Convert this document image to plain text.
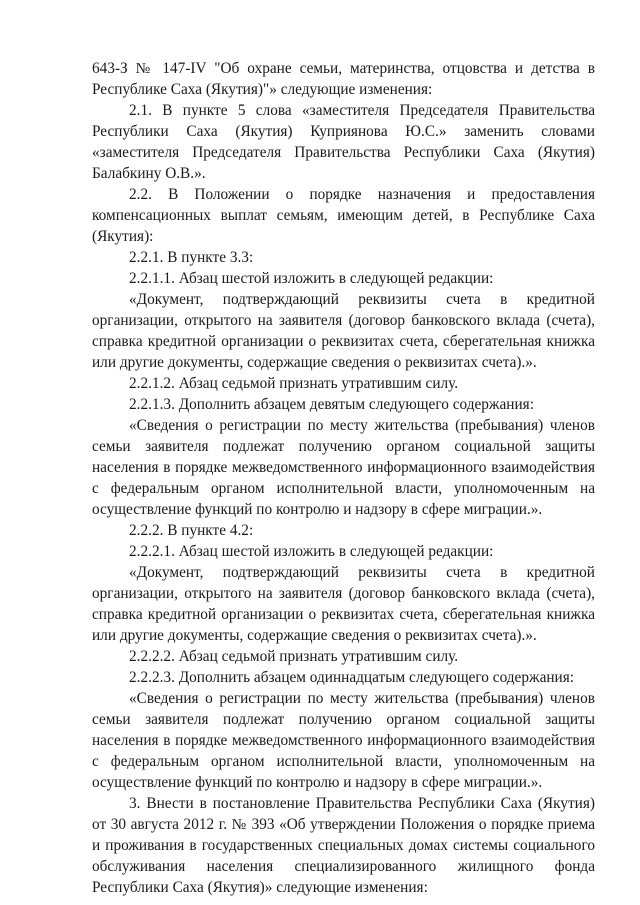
643-З № 147-IV "Об охране семьи, материнства, отцовства и детства в Республике Саха (Якутия)"» следующие изменения:

2.1. В пункте 5 слова «заместителя Председателя Правительства Республики Саха (Якутия) Куприянова Ю.С.» заменить словами «заместителя Председателя Правительства Республики Саха (Якутия) Балабкину О.В.».

2.2. В Положении о порядке назначения и предоставления компенсационных выплат семьям, имеющим детей, в Республике Саха (Якутия):

2.2.1. В пункте 3.3:

2.2.1.1. Абзац шестой изложить в следующей редакции:

«Документ, подтверждающий реквизиты счета в кредитной организации, открытого на заявителя (договор банковского вклада (счета), справка кредитной организации о реквизитах счета, сберегательная книжка или другие документы, содержащие сведения о реквизитах счета).».

2.2.1.2. Абзац седьмой признать утратившим силу.

2.2.1.3. Дополнить абзацем девятым следующего содержания:

«Сведения о регистрации по месту жительства (пребывания) членов семьи заявителя подлежат получению органом социальной защиты населения в порядке межведомственного информационного взаимодействия с федеральным органом исполнительной власти, уполномоченным на осуществление функций по контролю и надзору в сфере миграции.».

2.2.2. В пункте 4.2:

2.2.2.1. Абзац шестой изложить в следующей редакции:

«Документ, подтверждающий реквизиты счета в кредитной организации, открытого на заявителя (договор банковского вклада (счета), справка кредитной организации о реквизитах счета, сберегательная книжка или другие документы, содержащие сведения о реквизитах счета).».

2.2.2.2. Абзац седьмой признать утратившим силу.

2.2.2.3. Дополнить абзацем одиннадцатым следующего содержания:

«Сведения о регистрации по месту жительства (пребывания) членов семьи заявителя подлежат получению органом социальной защиты населения в порядке межведомственного информационного взаимодействия с федеральным органом исполнительной власти, уполномоченным на осуществление функций по контролю и надзору в сфере миграции.».

3. Внести в постановление Правительства Республики Саха (Якутия) от 30 августа 2012 г. № 393 «Об утверждении Положения о порядке приема и проживания в государственных специальных домах системы социального обслуживания населения специализированного жилищного фонда Республики Саха (Якутия)» следующие изменения:
